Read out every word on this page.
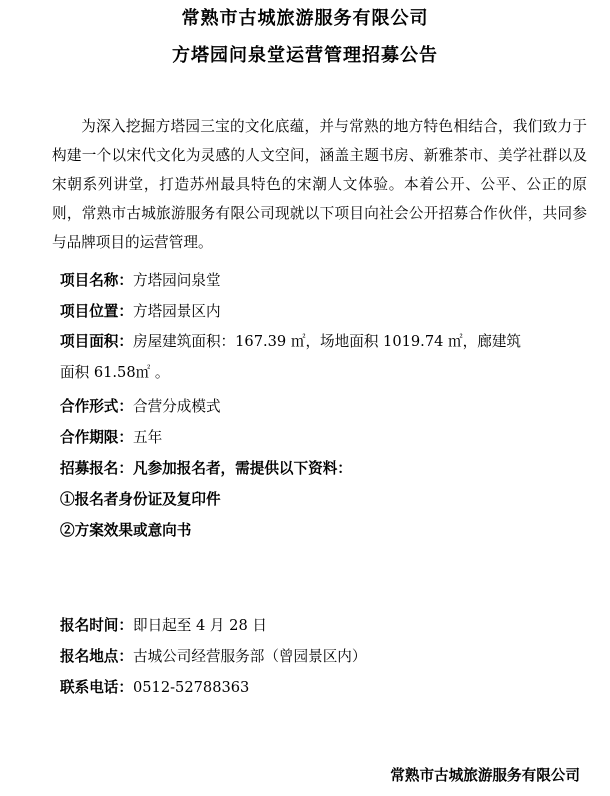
常熟市古城旅游服务有限公司
方塔园问泉堂运营管理招募公告

为深入挖掘方塔园三宝的文化底蕴，并与常熟的地方特色相结合，我们致力于构建一个以宋代文化为灵感的人文空间，涵盖主题书房、新雅茶市、美学社群以及宋朝系列讲堂，打造苏州最具特色的宋潮人文体验。本着公开、公平、公正的原则，常熟市古城旅游服务有限公司现就以下项目向社会公开招募合作伙伴，共同参与品牌项目的运营管理。

项目名称：方塔园问泉堂

项目位置：方塔园景区内

项目面积：房屋建筑面积：167.39 ㎡，场地面积 1019.74 ㎡，廊建筑
面积 61.58㎡ 。

合作形式：合营分成模式

合作期限：五年

招募报名：凡参加报名者，需提供以下资料：

①报名者身份证及复印件

②方案效果或意向书

报名时间：即日起至 4 月 28 日

报名地点：古城公司经营服务部（曾园景区内）

联系电话：0512-52788363

常熟市古城旅游服务有限公司
